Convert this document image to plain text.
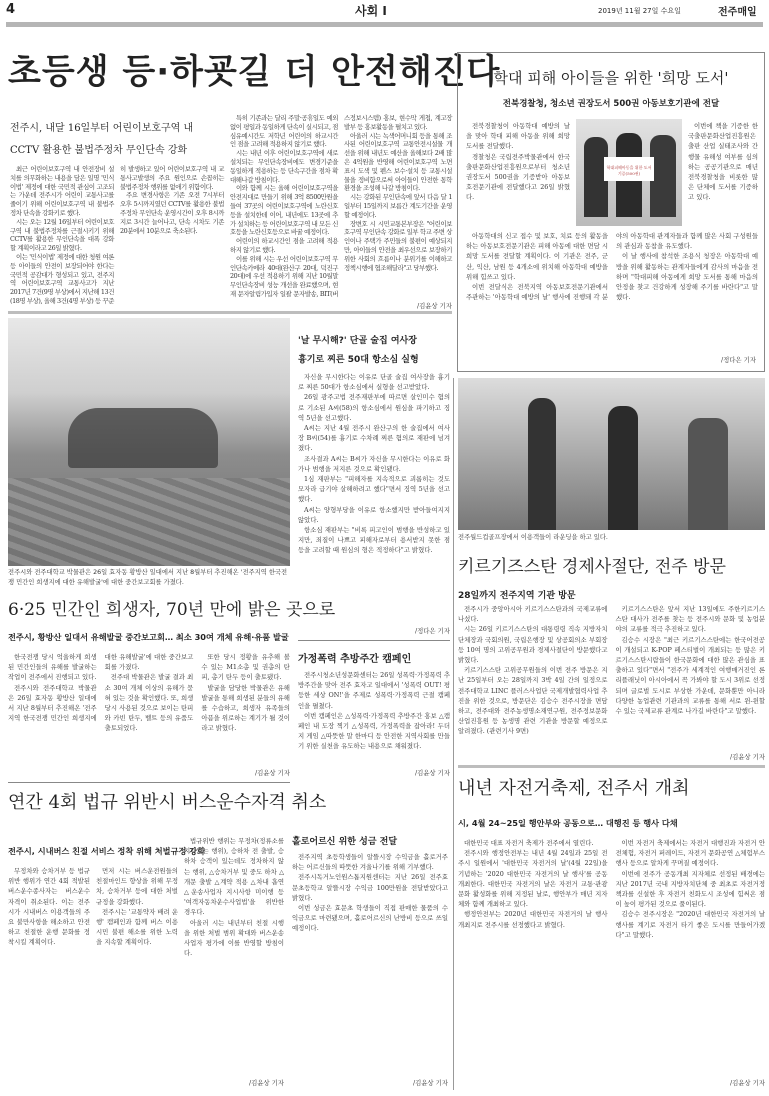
4	사회 I	2019년 11월 27일 수요일	전주매일
초등생 등·하굣길 더 안전해진다
전주시, 내달 16일부터 어린이보호구역 내
CCTV 활용한 불법주정차 무인단속 강화

최근 어린이보호구역 내 안전장비 설치를 의무화하는 내용을 담은 일명 '민식이법' 제정에 대한 국민적 관심이 고조되는 가운데 전주시가 어린이 교통사고를 줄이기 위해 어린이보호구역 내 불법주정차 단속을 강화키로 했다.

시는 오는 12월 16일부터 어린이보호구역 내 불법주정차를 근절시키기 위해 CCTV를 활용한 무인단속을 대폭 강화할 계획이라고 26일 밝혔다.

이는 '민식이법' 제정에 대한 청원 여론 등 아이들의 안전이 보장되어야 한다는 국민적 공감대가 형성되고 있고, 전주지역 어린이보호구역 교통사고가 지난 2017년 7건(9명 부상)에서 지난해 13건(18명 부상), 올해 3건(4명 부상) 등 꾸준히 발생하고 있어 어린이보호구역 내 교통사고발생의 주요 원인으로 손꼽히는 불법주정차 행위를 없애기 위함이다.

주요 변경사항은 기존 오전 7시부터 오후 5시까지였던 CCTV를 활용한 불법주정차 무인단속 운영시간이 오후 8시까지로 3시간 늘어나고, 단속 시차도 기존 20분에서 10분으로 축소된다.

특히 기존과는 달리 주말·공휴일도 예외 없이 평일과 동일하게 단속이 실시되고, 점심유예시간도 저학년 어린이의 하교시간인 점을 고려해 적용하지 않기로 했다.

시는 내년 이후 어린이보호구역에 새로 설치되는 무인단속장비에도 변경기준을 동일하게 적용하는 등 단속구간을 점차 확대해나갈 방침이다.

이와 함께 시는 올해 어린이보호구역을 안전지대로 만들기 위해 3억 8500만원을 들여 37곳의 어린이보호구역에 노란신호등을 설치한데 이어, 내년에도 13곳에 추가 설치하는 등 어린이보호구역 내 모든 신호등을 노란신호등으로 바꿀 예정이다.

어린이의 하교시간인 점을 고려해 적용하지 않기로 했다.

이를 위해 시는 우선 어린이보호구역 무인단속카메라 40대(완산구 20대, 덕진구 20대)에 우선 적용하기 위해 지난 10월말 무인단속장비 성능 개선을 완료했으며, 현재 문자알림가입자 일괄 문자발송, BIT(버스정보시스템) 홍보, 현수막 게첩, 계고장 발부 등 홍보활동을 펼치고 있다.

아울러 시는 녹색어머니회 등을 통해 조사된 어린이보호구역 교통안전시설물 개선을 위해 내년도 예산을 올해보다 2배 많은 4억원을 반영해 어린이보호구역 노면표시 도색 및 펜스 보수·설치 등 교통시설물을 정비함으로써 아이들이 안전한 통학환경을 조성해 나갈 방침이다.

시는 강화된 무인단속에 앞서 다음 달 1일부터 15일까지 보름간 계도기간을 운영할 예정이다.

장변호 시 시민교통본부장은 "어린이보호구역 무인단속 강화로 일부 학교 주변 상인이나 주택가 주민들의 불편이 예상되지만, 아이들의 안전을 최우선으로 보장하기 위한 사회의 흐름이나 분위기를 이해하고 정책시행에 협조해달라"고 당부했다.

/김윤상 기자
학대 피해 아이들을 위한 '희망 도서'
전북경찰청, 청소년 권장도서 500권 아동보호기관에 전달
학대피해아동을 위한 도서 기증(500권)

전북경찰청이 아동학대 예방의 날을 맞아 학대 피해 아동을 위해 희망 도서를 전달했다.

경찰청은 국립전주박물관에서 한국출판문화산업진흥원으로부터 청소년 권장도서 500권을 기증받아 아동보호전문기관에 전달했다고 26일 밝혔다.

이번에 책을 기증한 한국출판문화산업진흥원은 출판 산업 실태조사와 간행물 유해성 여부를 심의하는 공공기관으로 매년 전북경찰청을 비롯한 많은 단체에 도서를 기증하고 있다.

아동학대의 신고 접수 및 보호, 치료 등의 활동을 하는 아동보호전문기관은 피해 아동에 대한 면담 시 희망 도서를 전달할 계획이다. 이 기관은 전주, 군산, 익산, 남원 등 4개소에 위치해 아동학대 예방을 위해 힘쓰고 있다.

이번 전달식은 전북지역 아동보호전문기관에서 주관하는 '아동학대 예방의 날' 행사에 진행돼 각 분야의 아동학대 관계자들과 함께 많은 사회 구성원들의 관심과 동참을 유도했다.

이 날 행사에 참석한 조용식 청장은 아동학대 예방을 위해 활동하는 관계자들에게 감사의 마음을 전하며 "학대피해 아동에게 희망 도서를 통해 마음의 안정을 찾고 건강하게 성장해 주기를 바란다"고 말했다.

/정다은 기자
전주시와 전주대학교 박물관은 26일 효자동 황방산 일대에서 지난 8월부터 추진해온 '전주지역 한국전쟁 민간인 희생지에 대한 유해발굴'에 대한 중간보고회를 가졌다.
'날 무시해?' 단골 술집 여사장
흉기로 찌른 50대 항소심 실형

자신을 무시한다는 이유로 단골 술집 여사장을 흉기로 찌른 50대가 항소심에서 실형을 선고받았다.

26일 광주고법 전주재판부에 따르면 살인미수 혐의로 기소된 A씨(58)의 항소심에서 원심을 파기하고 징역 5년을 선고했다.

A씨는 지난 4월 전주시 완산구의 한 술집에서 여사장 B씨(54)를 흉기로 수차례 찌른 혐의로 재판에 넘겨졌다.

조사결과 A씨는 B씨가 자신을 무시한다는 이유로 화가나 범행을 저지른 것으로 확인됐다.

1심 재판부는 "피해자를 지속적으로 괴롭히는 것도 모자라 급기야 살해하려고 했다"면서 징역 5년을 선고했다.

A씨는 양형부당을 이유로 항소했지만 받아들여지지 않았다.

항소심 재판부는 "비록 피고인이 범행을 반성하고 있지만, 죄질이 나쁘고 피해자로부터 용서받지 못한 점 등을 고려할 때 원심의 형은 적정하다"고 밝혔다.

/정다은 기자
전주월드컵골프장에서 이용객들이 라운딩을 하고 있다.
키르기즈스탄 경제사절단, 전주 방문
28일까지 전주지역 기관 방문

전주시가 중앙아시아 키르기스스탄과의 국제교류에 나섰다.

시는 26일 키르기스스탄의 대통령령 직속 지방자치단체장과 국회의원, 국립은행장 및 상공회의소 부회장 등 10여 명의 고위공무원과 경제사절단이 방문했다고 밝혔다.

키르기스스탄 고위공무원들의 이번 전주 방문은 지난 25일부터 오는 28일까지 3박 4일 간의 일정으로 전주대학교 LINC 플러스사업단 국제개발협력사업 추진을 위한 것으로, 방문단은 김승수 전주시장을 면담하고, 전주대와 전주농생명소재연구원, 전주정보문화산업진흥원 등 농생명 관련 기관을 방문할 예정으로 알려졌다. (관련기사 9면)

키르기스스탄은 앞서 지난 13일에도 주한키르기스스탄 대사가 전주를 찾는 등 전주시와 문화 및 농업분야의 교류를 적극 추진하고 있다.

김승수 시장은 "최근 키르기스스탄에는 한국어전공이 개설되고 K-POP 페스티벌이 개최되는 등 많은 키르기스스탄시람들이 한국문화에 대한 많은 관심을 표출하고 있다"면서 "전주가 세계적인 여행매거진인 론리플래닛이 아시아에서 꼭 가봐야 할 도시 3위로 선정되며 글로벌 도시로 부상한 가운데, 문화뿐만 아니라 다양한 농업관련 기관과의 교류를 통해 서로 윈-윈할 수 있는 국제교류 관계로 나가길 바란다"고 말했다.

/김윤상 기자
6·25 민간인 희생자, 70년 만에 밝은 곳으로
전주시, 황방산 일대서 유해발굴 중간보고회… 최소 30여 개체 유해·유품 발굴

한국전쟁 당시 억울하게 희생된 민간인들의 유해를 발굴하는 작업이 전주에서 진행되고 있다.

전주시와 전주대학교 박물관은 26일 효자동 황방산 일대에서 지난 8월부터 추진해온 '전주지역 한국전쟁 민간인 희생지에 대한 유해발굴'에 대한 중간보고회를 가졌다.

전주대 박물관은 발굴 결과 최소 30여 개체 이상의 유해가 묻혀 있는 것을 확인했다. 또, 희생 당시 사용된 것으로 보이는 탄피와 카빈 탄두, 벨트 등의 유품도 출토되었다.

또한 당시 정황을 유추해 볼 수 있는 M1소총 및 권총의 탄피, 총기 탄두 등이 출토됐다.

발굴을 담당한 박물관은 유해발굴을 통해 희생된 분들의 유해를 수습하고, 희생자 유족들의 아픔을 위로하는 계기가 될 것이라고 밝혔다.

/김윤상 기자
가정폭력 추방주간 캠페인

전주시청소년성문화센터는 26일 성폭력·가정폭력 추방주간을 맞아 전주 효자고 일대에서 '성폭력 OUT! 평등한 세상 ON!'을 주제로 성폭력·가정폭력 근절 캠페인을 펼쳤다.

이번 캠페인은 △성폭력·가정폭력 추방주간 홍보 △캠페인 내 도장 찍기 △성폭력, 가정폭력을 잡아라! 두더지 게임 △따뜻한 말 한마디 등 안전한 지역사회를 만들기 위한 실천을 유도하는 내용으로 채워졌다.

/김윤상 기자
연간 4회 법규 위반시 버스운수자격 취소
전주시, 시내버스 친절 서비스 정착 위해 처벌규정 강화

무정차와 승차거부 등 법규위반 행위가 연간 4회 적발된 버스운수종사자는 버스운수자격이 취소된다. 이는 전주시가 시내버스 이용객들의 주요 불만사항을 해소하고 안전하고 친절한 운행 문화를 정착시킬 계획이다.

먼저 시는 버스운전원들의 친절마인드 향상을 위해 무정차, 승차거부 등에 대한 처벌 규정을 강화했다.

전주시는 '교통약자 배려 운행' 캠페인과 함께 버스 이용시민 불편 해소를 위한 노력을 지속할 계획이다.

법규위반 행위는 무정차(정류소를 지나치는 행위), 승하차 전 출발, 승하차 승객이 있는데도 정차하지 않는 행위, △승차거부 및 중도 하차 △개문 출발 △계약 적용 △차내 흡연 △운송사업자 지시사항 미이행 등 '여객자동차운수사업법'을 위반한 경우다.

아울러 시는 내년부터 친절 시행을 위한 처벌 범위 확대와 버스운송사업자 평가에 이를 반영할 방침이다.

/김윤상 기자
홀로어르신 위한 성금 전달

전주지역 초등학생들이 알뜰시장 수익금을 홀로거주하는 어르신들의 따뜻한 겨울나기를 위해 기부했다.

전주시독거노인원스톱지원센터는 지난 26일 전주효문초등학교 알뜰시장 수익금 100만원을 전달받았다고 밝혔다.

이번 성금은 효문초 학생들이 직접 판매한 물품의 수익금으로 마련됐으며, 홀로어르신의 난방비 등으로 쓰일 예정이다.

/김윤상 기자
내년 자전거축제, 전주서 개최
시, 4월 24~25일 행안부와 공동으로… 대행진 등 행사 다채

대한민국 대표 자전거 축제가 전주에서 열린다.

전주시와 행정안전부는 내년 4월 24일과 25일 전주시 일원에서 '대한민국 자전거의 날'(4월 22일)을 기념하는 '2020 대한민국 자전거의 날 행사'를 공동 개최한다. 대한민국 자전거의 날은 자전거 교통·관광문화 활성화를 위해 지정된 날로, 행안부가 매년 지자체와 함께 개최하고 있다.

행정안전부는 2020년 대한민국 자전거의 날 행사 개최지로 전주시를 선정했다고 밝혔다.

이번 자전거 축제에서는 자전거 대행진과 자전거 안전체험, 자전거 퍼레이드, 자전거 문화공연 △체험부스 행사 등으로 알차게 꾸며질 예정이다.

이번에 전주가 공동개최 지자체로 선정된 배경에는 지난 2017년 국내 지방자치단체 중 최초로 자전거정책과를 신설한 후 자전거 친화도시 조성에 힘써온 점이 높이 평가된 것으로 풀이된다.

김승수 전주시장은 "2020년 대한민국 자전거의 날 행사를 계기로 자전거 타기 좋은 도시를 만들어가겠다"고 말했다.

/김윤상 기자
